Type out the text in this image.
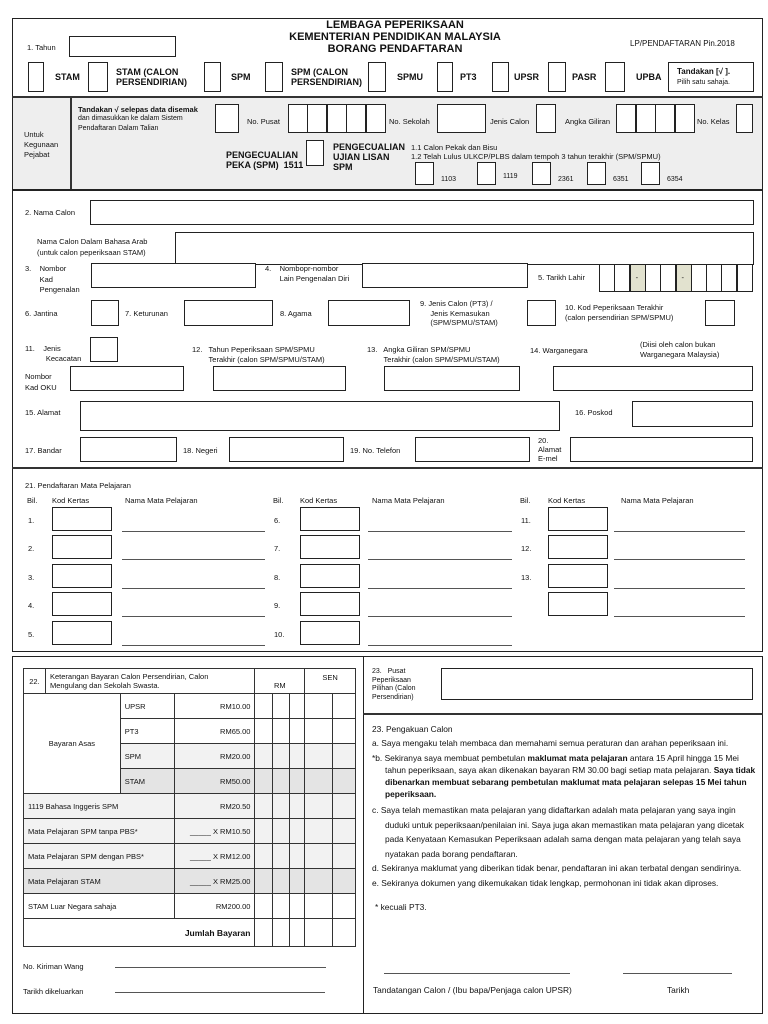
LEMBAGA PEPERIKSAAN
KEMENTERIAN PENDIDIKAN MALAYSIA
BORANG PENDAFTARAN
1. Tahun	LP/PENDAFTARAN Pin.2018
STAM	STAM (CALON
PERSENDIRIAN)	SPM	SPM (CALON
PERSENDIRIAN)	SPMU	PT3	UPSR	PASR	UPBA
Tandakan [√ ].
Pilih satu sahaja.
Untuk
Kegunaan
Pejabat
Tandakan √ selepas data disemak
dan dimasukkan ke dalam Sistem
Pendaftaran Dalam Talian
No. Pusat	No. Sekolah	Jenis Calon	Angka Giliran	No. Kelas
PENGECUALIAN
PEKA (SPM)  1511
PENGECUALIAN
UJIAN LISAN
SPM
1.1 Calon Pekak dan Bisu
1.2 Telah Lulus ULKCP/PLBS dalam tempoh 3 tahun terakhir (SPM/SPMU)
1103	1119	2361	6351	6354
2. Nama Calon
Nama Calon Dalam Bahasa Arab
(untuk calon peperiksaan STAM)
3.    Nombor
Kad
Pengenalan
4.    Nombopr-nombor
Lain Pengenalan Diri	5. Tarikh Lahir	-	-
6. Jantina	7. Keturunan	8. Agama
9. Jenis Calon (PT3) /
Jenis Kemasukan
(SPM/SPMU/STAM)
10. Kod Peperiksaan Terakhir
(calon persendirian SPM/SPMU)
11.    Jenis
Kecacatan
12.   Tahun Peperiksaan SPM/SPMU
Terakhir (calon SPM/SPMU/STAM)
13.   Angka Giliran SPM/SPMU
Terakhir (calon SPM/SPMU/STAM)
14. Warganegara
(Diisi oleh calon bukan
Warganegara Malaysia)
Nombor
Kad OKU
15. Alamat	16. Poskod
17. Bandar	18. Negeri	19. No. Telefon
20.
Alamat
E-mel
21. Pendaftaran Mata Pelajaran
Bil. Kod Kertas	Nama Mata Pelajaran
1.
2.
3.
4.
5.
Bil. Kod Kertas	Nama Mata Pelajaran
6.
7.
8.
9.
10.
Bil. Kod Kertas	Nama Mata Pelajaran
11.
12.
13.
22.	Keterangan Bayaran Calon Persendirian, Calon
Mengulang dan Sekolah Swasta.			RM			SEN	
Bayaran Asas		UPSR	RM10.00					
		PT3	RM65.00					
		SPM	RM20.00					
		STAM	RM50.00					
1119 Bahasa Inggeris SPM			RM20.50					
Mata Pelajaran SPM tanpa PBS*			_____ X RM10.50					
Mata Pelajaran SPM dengan PBS*			_____ X RM12.00					
Mata Pelajaran STAM			_____ X RM25.00					
STAM Luar Negara sahaja			RM200.00					
Jumlah Bayaran								
No. Kiriman Wang
Tarikh dikeluarkan
23.   Pusat
Peperiksaan
Pilihan (Calon
Persendirian)
23. Pengakuan Calon

a. Saya mengaku telah membaca dan memahami semua peraturan dan arahan peperiksaan ini.

*b. Sekiranya saya membuat pembetulan maklumat mata pelajaran antara 15 April hingga 15 Mei tahun peperiksaan, saya akan dikenakan bayaran RM 30.00 bagi setiap mata pelajaran. Saya tidak dibenarkan membuat sebarang pembetulan maklumat mata pelajaran selepas 15 Mei tahun peperiksaan.

c. Saya telah memastikan mata pelajaran yang didaftarkan adalah mata pelajaran yang saya ingin duduki untuk peperiksaan/penilaian ini. Saya juga akan memastikan mata pelajaran yang dicetak pada Kenyataan Kemasukan Peperiksaan adalah sama dengan mata pelajaran yang telah saya nyatakan pada borang pendaftaran.

d. Sekiranya maklumat yang diberikan tidak benar, pendaftaran ini akan terbatal dengan sendirinya.

e. Sekiranya dokumen yang dikemukakan tidak lengkap, permohonan ini tidak akan diproses.

* kecuali PT3.
Tandatangan Calon / (Ibu bapa/Penjaga calon UPSR)	Tarikh
